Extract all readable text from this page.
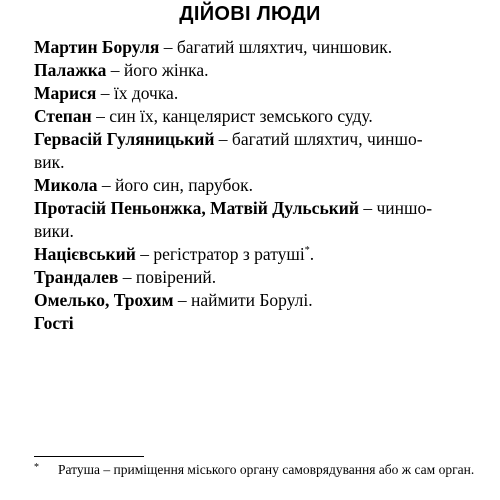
ДІЙОВІ ЛЮДИ

Мартин Боруля – багатий шляхтич, чиншовик.

Палажка – його жінка.

Марися – їх дочка.

Степан – син їх, канцелярист земського суду.

Гервасій Гуляницький – багатий шляхтич, чиншо-
вик.

Микола – його син, парубок.

Протасій Пеньонжка, Матвій Дульський – чиншо-
вики.

Націєвський – регістратор з ратуші*.

Трандалев – повірений.

Омелько, Трохим – наймити Борулі.

Гості

*	Ратуша – приміщення міського органу самоврядування або ж сам орган.
